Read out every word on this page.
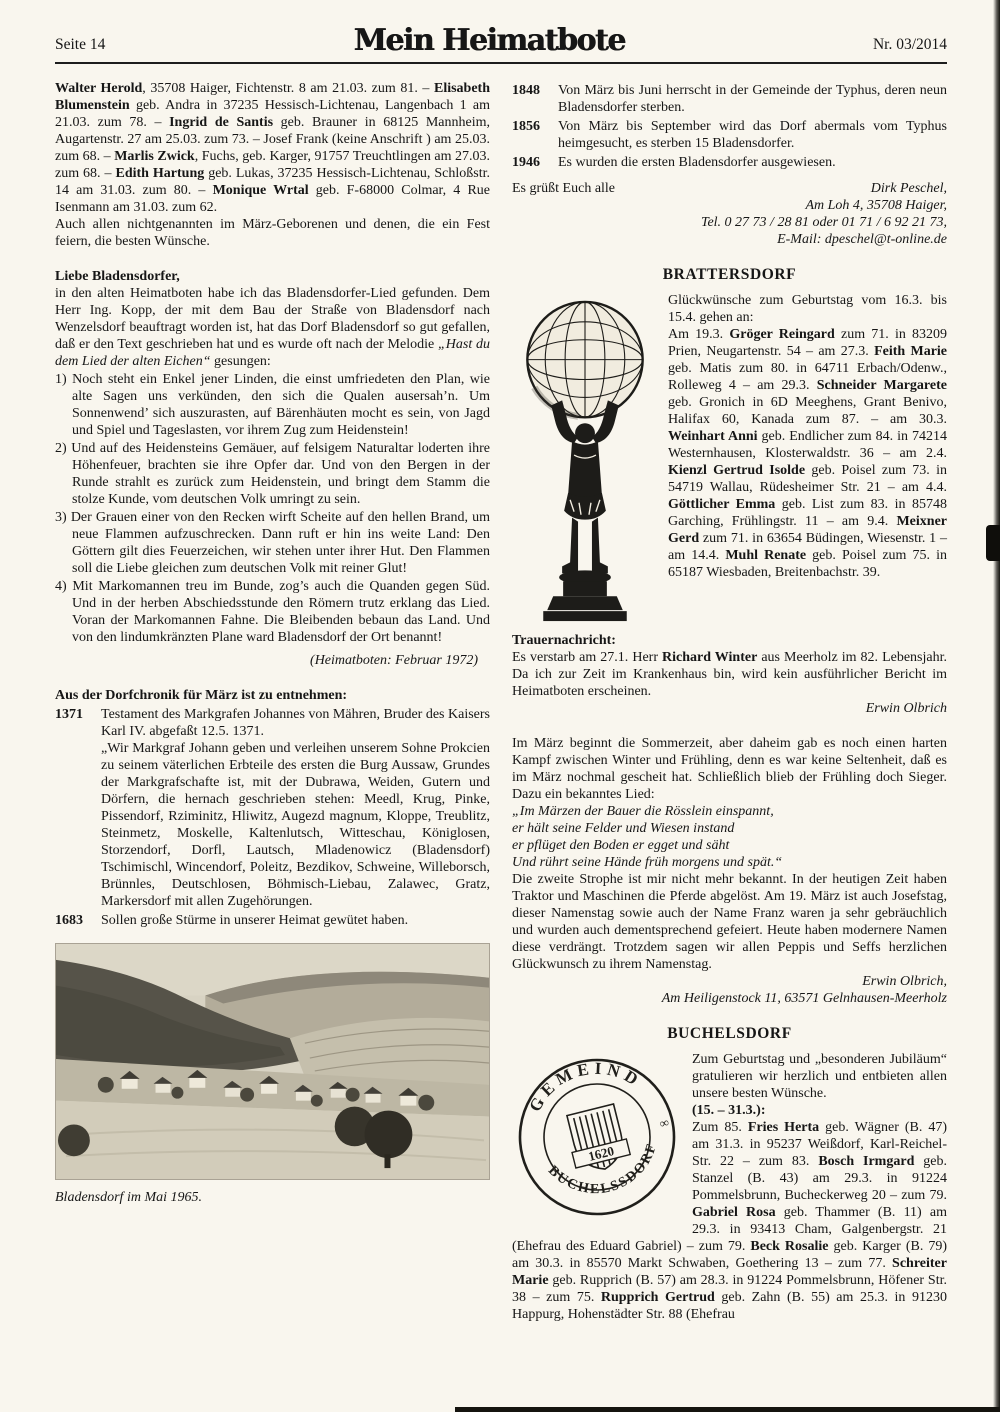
Seite 14	Mein Heimatbote	Nr. 03/2014

Walter Herold, 35708 Haiger, Fichtenstr. 8 am 21.03. zum 81. – Elisabeth Blumenstein geb. Andra in 37235 Hessisch-Lichtenau, Langenbach 1 am 21.03. zum 78. – Ingrid de Santis geb. Brauner in 68125 Mannheim, Augartenstr. 27 am 25.03. zum 73. – Josef Frank (keine Anschrift ) am 25.03. zum 68. – Marlis Zwick, Fuchs, geb. Karger, 91757 Treuchtlingen am 27.03. zum 68. – Edith Hartung geb. Lukas, 37235 Hessisch-Lichtenau, Schloßstr. 14 am 31.03. zum 80. – Monique Wrtal geb. F-68000 Colmar, 4 Rue Isenmann am 31.03. zum 62.

Auch allen nichtgenannten im März-Geborenen und denen, die ein Fest feiern, die besten Wünsche.

Liebe Bladensdorfer,

in den alten Heimatboten habe ich das Bladensdorfer-Lied gefunden. Dem Herr Ing. Kopp, der mit dem Bau der Straße von Bladensdorf nach Wenzelsdorf beauftragt worden ist, hat das Dorf Bladensdorf so gut gefallen, daß er den Text geschrieben hat und es wurde oft nach der Melodie „Hast du dem Lied der alten Eichen“ gesungen:

1) Noch steht ein Enkel jener Linden, die einst umfriedeten den Plan, wie alte Sagen uns verkünden, den sich die Qualen ausersah’n. Um Sonnenwend’ sich auszurasten, auf Bärenhäuten mocht es sein, von Jagd und Spiel und Tageslasten, vor ihrem Zug zum Heidenstein!
2) Und auf des Heidensteins Gemäuer, auf felsigem Naturaltar loderten ihre Höhenfeuer, brachten sie ihre Opfer dar. Und von den Bergen in der Runde strahlt es zurück zum Heidenstein, und bringt dem Stamm die stolze Kunde, vom deutschen Volk umringt zu sein.
3) Der Grauen einer von den Recken wirft Scheite auf den hellen Brand, um neue Flammen aufzuschrecken. Dann ruft er hin ins weite Land: Den Göttern gilt dies Feuerzeichen, wir stehen unter ihrer Hut. Den Flammen soll die Liebe gleichen zum deutschen Volk mit reiner Glut!
4) Mit Markomannen treu im Bunde, zog’s auch die Quanden gegen Süd. Und in der herben Abschiedsstunde den Römern trutz erklang das Lied. Voran der Markomannen Fahne. Die Bleibenden bebaun das Land. Und von den lindumkränzten Plane ward Bladensdorf der Ort benannt!

(Heimatboten: Februar 1972)

Aus der Dorfchronik für März ist zu entnehmen:

1371	Testament des Markgrafen Johannes von Mähren, Bruder des Kaisers Karl IV. abgefaßt 12.5. 1371.

„Wir Markgraf Johann geben und verleihen unserem Sohne Prokcien zu seinem väterlichen Erbteile des ersten die Burg Aussaw, Grundes der Markgrafschafte ist, mit der Dubrawa, Weiden, Gutern und Dörfern, die hernach geschrieben stehen: Meedl, Krug, Pinke, Pissendorf, Rziminitz, Hliwitz, Augezd magnum, Kloppe, Treublitz, Steinmetz, Moskelle, Kaltenlutsch, Witteschau, Königlosen, Storzendorf, Dorfl, Lautsch, Mladenowicz (Bladensdorf) Tschimischl, Wincendorf, Poleitz, Bezdikov, Schweine, Willeborsch, Brünnles, Deutschlosen, Böhmisch-Liebau, Zalawec, Gratz, Markersdorf mit allen Zugehörungen.

1683	Sollen große Stürme in unserer Heimat gewütet haben.

Bladensdorf im Mai 1965.

1848	Von März bis Juni herrscht in der Gemeinde der Typhus, deren neun Bladensdorfer sterben.

1856	Von März bis September wird das Dorf abermals vom Typhus heimgesucht, es sterben 15 Bladensdorfer.

1946	Es wurden die ersten Bladensdorfer ausgewiesen.

Es grüßt Euch alle	Dirk Peschel,

Am Loh 4, 35708 Haiger,

Tel. 0 27 73 / 28 81 oder 01 71 / 6 92 21 73,

E-Mail: dpeschel@t-online.de

BRATTERSDORF

Glückwünsche zum Geburtstag vom 16.3. bis 15.4. gehen an:

Am 19.3. Gröger Reingard zum 71. in 83209 Prien, Neugartenstr. 54 – am 27.3. Feith Marie geb. Matis zum 80. in 64711 Erbach/Odenw., Rolleweg 4 – am 29.3. Schneider Margarete geb. Gronich in 6D Meeghens, Grant Benivo, Halifax 60, Kanada zum 87. – am 30.3. Weinhart Anni geb. Endlicher zum 84. in 74214 Westernhausen, Klosterwaldstr. 36 – am 2.4. Kienzl Gertrud Isolde geb. Poisel zum 73. in 54719 Wallau, Rüdesheimer Str. 21 – am 4.4. Göttlicher Emma geb. List zum 83. in 85748 Garching, Frühlingstr. 11 – am 9.4. Meixner Gerd zum 71. in 63654 Büdingen, Wiesenstr. 1 – am 14.4. Muhl Renate geb. Poisel zum 75. in 65187 Wiesbaden, Breitenbachstr. 39.

Trauernachricht:

Es verstarb am 27.1. Herr Richard Winter aus Meerholz im 82. Lebensjahr. Da ich zur Zeit im Krankenhaus bin, wird kein ausführlicher Bericht im Heimatboten erscheinen.

Erwin Olbrich

Im März beginnt die Sommerzeit, aber daheim gab es noch einen harten Kampf zwischen Winter und Frühling, denn es war keine Seltenheit, daß es im März nochmal gescheit hat. Schließlich blieb der Frühling doch Sieger. Dazu ein bekanntes Lied:

„Im Märzen der Bauer die Rösslein einspannt,

er hält seine Felder und Wiesen instand

er pflüget den Boden er egget und säht

Und rührt seine Hände früh morgens und spät.“

Die zweite Strophe ist mir nicht mehr bekannt. In der heutigen Zeit haben Traktor und Maschinen die Pferde abgelöst. Am 19. März ist auch Josefstag, dieser Namenstag sowie auch der Name Franz waren ja sehr gebräuchlich und wurden auch dementsprechend gefeiert. Heute haben modernere Namen diese verdrängt. Trotzdem sagen wir allen Peppis und Seffs herzlichen Glückwunsch zu ihrem Namenstag.

Erwin Olbrich,

Am Heiligenstock 11, 63571 Gelnhausen-Meerholz

BUCHELSDORF

GEMEIND
BUCHELSSDORF
∞
1620

Zum Geburtstag und „besonderen Jubiläum“ gratulieren wir herzlich und entbieten allen unsere besten Wünsche.

(15. – 31.3.):

Zum 85. Fries Herta geb. Wägner (B. 47) am 31.3. in 95237 Weißdorf, Karl-Reichel-Str. 22 – zum 83. Bosch Irmgard geb. Stanzel (B. 43) am 29.3. in 91224 Pommelsbrunn, Bucheckerweg 20 – zum 79. Gabriel Rosa geb. Thammer (B. 11) am 29.3. in 93413 Cham, Galgenbergstr. 21 (Ehefrau des Eduard Gabriel) – zum 79. Beck Rosalie geb. Karger (B. 79) am 30.3. in 85570 Markt Schwaben, Goethering 13 – zum 77. Schreiter Marie geb. Rupprich (B. 57) am 28.3. in 91224 Pommelsbrunn, Höfener Str. 38 – zum 75. Rupprich Gertrud geb. Zahn (B. 55) am 25.3. in 91230 Happurg, Hohenstädter Str. 88 (Ehefrau
